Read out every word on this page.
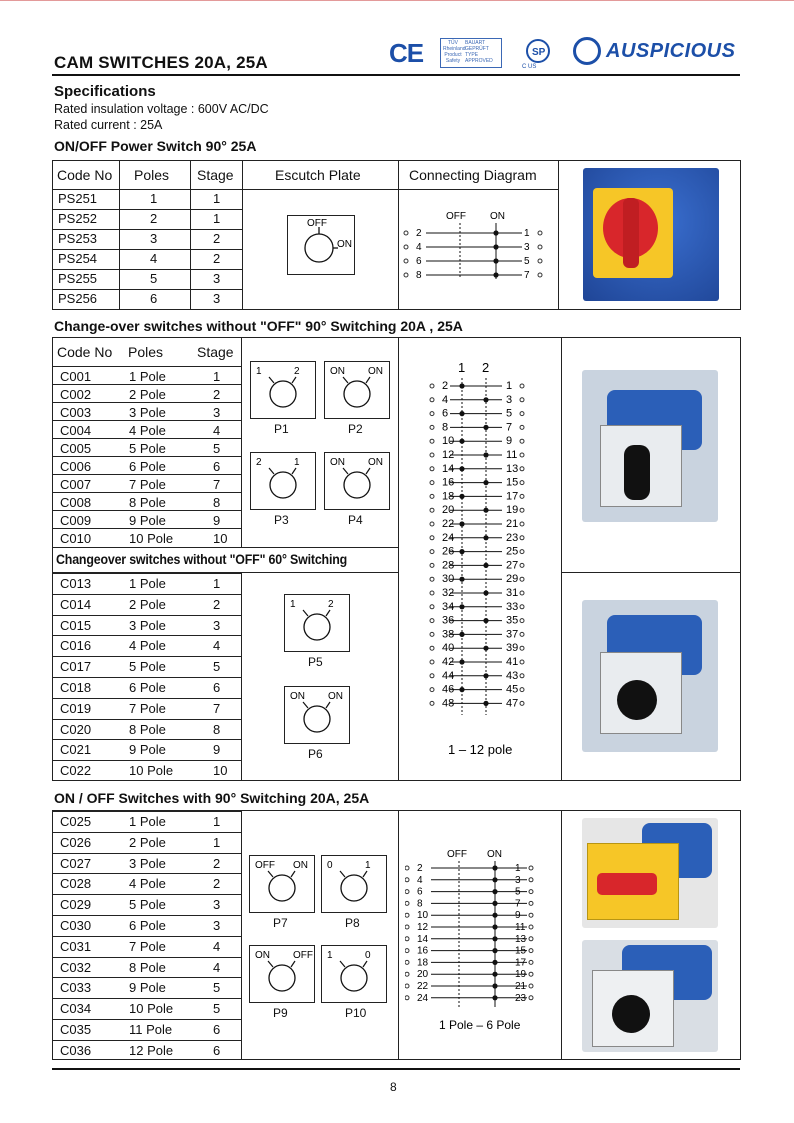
CAM SWITCHES 20A, 25A	CE	TÜV
Rheinland
Product Safety
BAUART
GEPRÜFT
TYPE
APPROVED
SP
C US
AUSPICIOUS
Specifications
Rated insulation voltage : 600V AC/DC
Rated current : 25A
ON/OFF Power Switch 90° 25A
Code No Poles Stage	Escutch Plate	Connecting Diagram
PS251	1	1
PS252	2	1
PS253	3	2
PS254	4	2
PS255	5	3
PS256	6	3
OFF
ON
OFF ON
2	1
4	3
6	5
8	7
Change-over switches without "OFF" 90° Switching 20A , 25A
Code No Poles Stage
C001	1 Pole	1
C002	2 Pole	2
C003	3 Pole	3
C004	4 Pole	4
C005	5 Pole	5
C006	6 Pole	6
C007	7 Pole	7
C008	8 Pole	8
C009	9 Pole	9
C010	10 Pole	10
Changeover switches without "OFF" 60° Switching
C013	1 Pole	1
C014	2 Pole	2
C015	3 Pole	3
C016	4 Pole	4
C017	5 Pole	5
C018	6 Pole	6
C019	7 Pole	7
C020	8 Pole	8
C021	9 Pole	9
C022	10 Pole	10
1	2
P1
ON ON
P2
2	1
P3
ON ON
P4
1	2
P5
ON ON
P6
OFF ON
P7
0	1
P8
ON OFF
P9
1	0
P10
1 2
2	1
4	3
6	5
8	7
10	9
12	11
14	13
16	15
18	17
20	19
22	21
24	23
26	25
28	27
30	29
32	31
34	33
36	35
38	37
40	39
42	41
44	43
46	45
48	47
1 – 12 pole
ON / OFF Switches with 90° Switching 20A, 25A
C025	1 Pole	1
C026	2 Pole	1
C027	3 Pole	2
C028	4 Pole	2
C029	5 Pole	3
C030	6 Pole	3
C031	7 Pole	4
C032	8 Pole	4
C033	9 Pole	5
C034	10 Pole	5
C035	11 Pole	6
C036	12 Pole	6
OFF ON
2	1
4	3
6	5
8	7
10	9
12	11
14	13
16	15
18	17
20	19
22	21
24	23
1 Pole – 6 Pole
8
